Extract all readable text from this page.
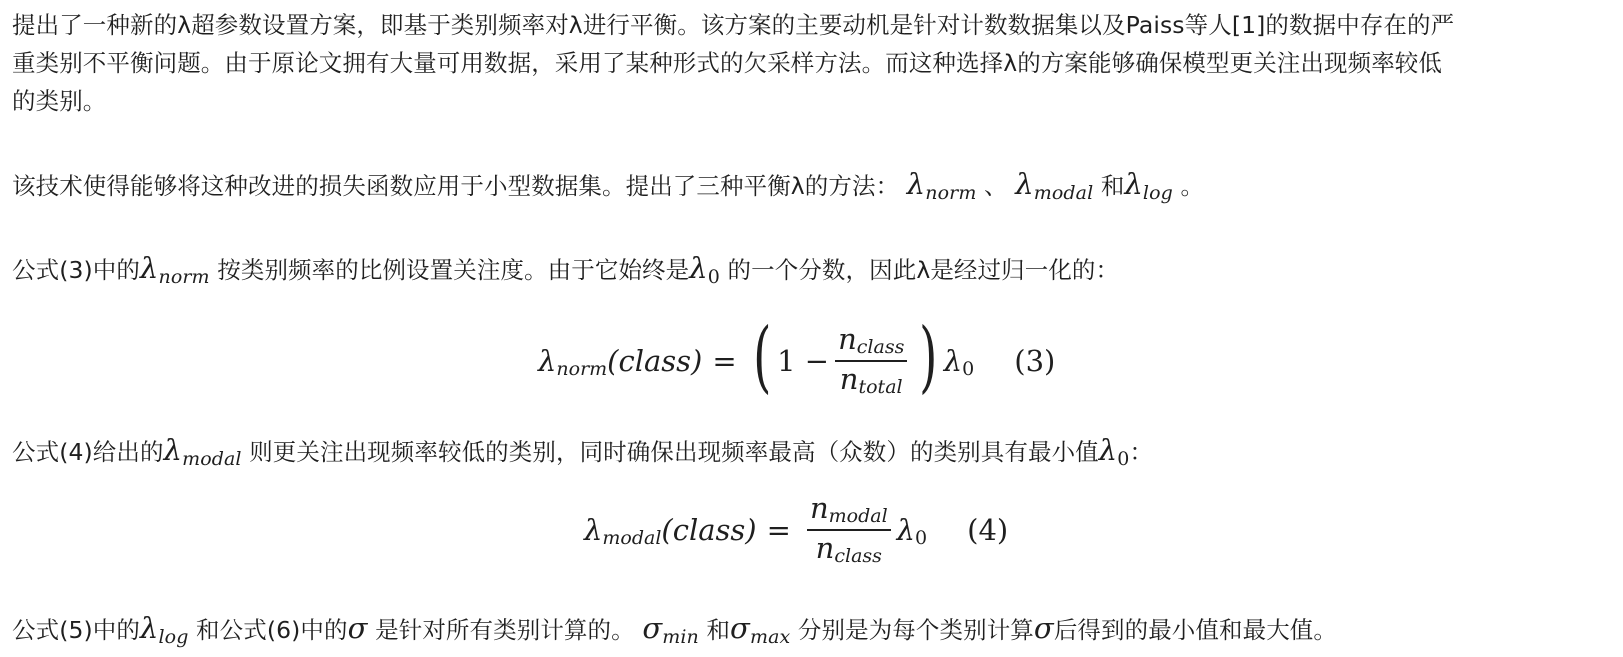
提出了一种新的λ超参数设置方案，即基于类别频率对λ进行平衡。该方案的主要动机是针对计数数据集以及Paiss等人[1]的数据中存在的严
重类别不平衡问题。由于原论文拥有大量可用数据，采用了某种形式的欠采样方法。而这种选择λ的方案能够确保模型更关注出现频率较低
的类别。

该技术使得能够将这种改进的损失函数应用于小型数据集。提出了三种平衡λ的方法： $\lambda_{norm}$ 、 $\lambda_{modal}$ 和$\lambda_{log}$ 。

公式(3)中的$\lambda_{norm}$ 按类别频率的比例设置关注度。由于它始终是$\lambda_0$ 的一个分数，因此λ是经过归一化的：

λ norm (class) = ( $1 - \frac{\text{nclass}}{\text{ntotal}}$ ) λ 0 (3)

公式(4)给出的$\lambda_{modal}$ 则更关注出现频率较低的类别，同时确保出现频率最高（众数）的类别具有最小值$\lambda_0$：

λ modal (class) = $\frac{\text{nmodal}}{\text{nclass}}$ λ 0 (4)

公式(5)中的$\lambda_{log}$ 和公式(6)中的σ 是针对所有类别计算的。 $\sigma_{min}$ 和$\sigma_{max}$ 分别是为每个类别计算σ后得到的最小值和最大值。
